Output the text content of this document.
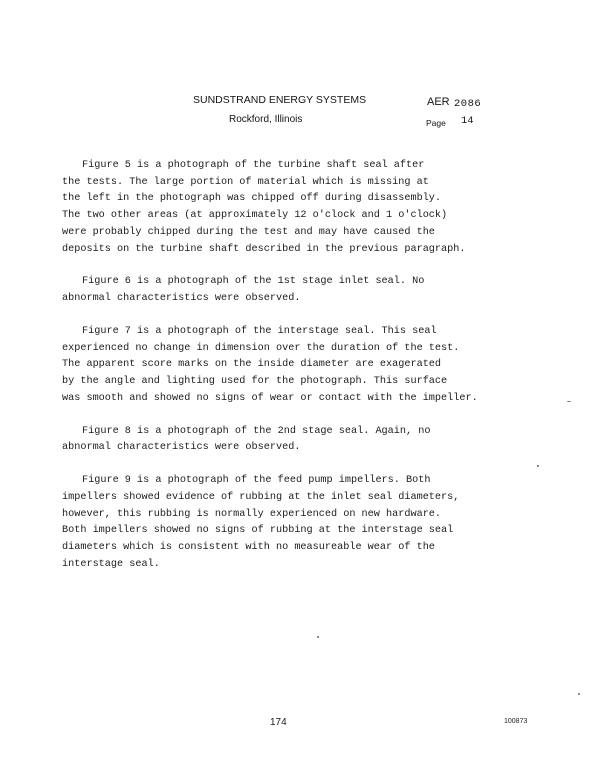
SUNDSTRAND ENERGY SYSTEMS
Rockford, Illinois
AER 2086
Page 14

Figure 5 is a photograph of the turbine shaft seal after
the tests. The large portion of material which is missing at
the left in the photograph was chipped off during disassembly.
The two other areas (at approximately 12 o'clock and 1 o'clock)
were probably chipped during the test and may have caused the
deposits on the turbine shaft described in the previous paragraph.

Figure 6 is a photograph of the 1st stage inlet seal. No
abnormal characteristics were observed.

Figure 7 is a photograph of the interstage seal. This seal
experienced no change in dimension over the duration of the test.
The apparent score marks on the inside diameter are exagerated
by the angle and lighting used for the photograph. This surface
was smooth and showed no signs of wear or contact with the impeller.

Figure 8 is a photograph of the 2nd stage seal. Again, no
abnormal characteristics were observed.

Figure 9 is a photograph of the feed pump impellers. Both
impellers showed evidence of rubbing at the inlet seal diameters,
however, this rubbing is normally experienced on new hardware.
Both impellers showed no signs of rubbing at the interstage seal
diameters which is consistent with no measureable wear of the
interstage seal.

174	100873
